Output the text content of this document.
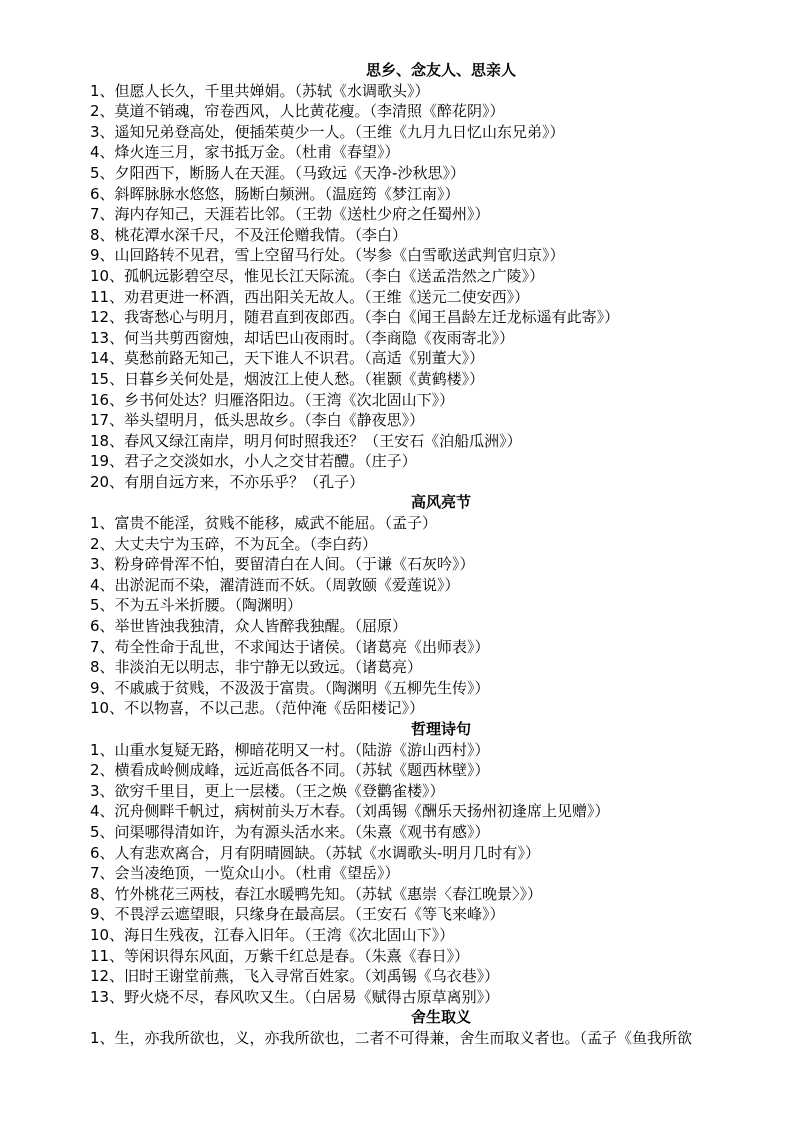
思乡、念友人、思亲人
1、但愿人长久，千里共婵娟。（苏轼《水调歌头》）
2、莫道不销魂，帘卷西风，人比黄花瘦。（李清照《醉花阴》）
3、遥知兄弟登高处，便插茱萸少一人。（王维《九月九日忆山东兄弟》）
4、烽火连三月，家书抵万金。（杜甫《春望》）
5、夕阳西下，断肠人在天涯。（马致远《天净-沙秋思》）
6、斜晖脉脉水悠悠，肠断白频洲。（温庭筠《梦江南》）
7、海内存知己，天涯若比邻。（王勃《送杜少府之任蜀州》）
8、桃花潭水深千尺，不及汪伦赠我情。（李白）
9、山回路转不见君，雪上空留马行处。（岑参《白雪歌送武判官归京》）
10、孤帆远影碧空尽，惟见长江天际流。（李白《送孟浩然之广陵》）
11、劝君更进一杯酒，西出阳关无故人。（王维《送元二使安西》）
12、我寄愁心与明月，随君直到夜郎西。（李白《闻王昌龄左迁龙标遥有此寄》）
13、何当共剪西窗烛，却话巴山夜雨时。（李商隐《夜雨寄北》）
14、莫愁前路无知己，天下谁人不识君。（高适《别董大》）
15、日暮乡关何处是，烟波江上使人愁。（崔颢《黄鹤楼》）
16、乡书何处达？归雁洛阳边。（王湾《次北固山下》）
17、举头望明月，低头思故乡。（李白《静夜思》）
18、春风又绿江南岸，明月何时照我还？（王安石《泊船瓜洲》）
19、君子之交淡如水，小人之交甘若醴。（庄子）
20、有朋自远方来，不亦乐乎？（孔子）
高风亮节
1、富贵不能淫，贫贱不能移，威武不能屈。（孟子）
2、大丈夫宁为玉碎，不为瓦全。（李白药）
3、粉身碎骨浑不怕，要留清白在人间。（于谦《石灰吟》）
4、出淤泥而不染，濯清涟而不妖。（周敦颐《爱莲说》）
5、不为五斗米折腰。（陶渊明）
6、举世皆浊我独清，众人皆醉我独醒。（屈原）
7、苟全性命于乱世，不求闻达于诸侯。（诸葛亮《出师表》）
8、非淡泊无以明志，非宁静无以致远。（诸葛亮）
9、不戚戚于贫贱，不汲汲于富贵。（陶渊明《五柳先生传》）
10、不以物喜，不以己悲。（范仲淹《岳阳楼记》）
哲理诗句
1、山重水复疑无路，柳暗花明又一村。（陆游《游山西村》）
2、横看成岭侧成峰，远近高低各不同。（苏轼《题西林壁》）
3、欲穷千里目，更上一层楼。（王之焕《登鹳雀楼》）
4、沉舟侧畔千帆过，病树前头万木春。（刘禹锡《酬乐天扬州初逢席上见赠》）
5、问渠哪得清如许，为有源头活水来。（朱熹《观书有感》）
6、人有悲欢离合，月有阴晴圆缺。（苏轼《水调歌头-明月几时有》）
7、会当凌绝顶，一览众山小。（杜甫《望岳》）
8、竹外桃花三两枝，春江水暖鸭先知。（苏轼《惠崇〈春江晚景〉》）
9、不畏浮云遮望眼，只缘身在最高层。（王安石《等飞来峰》）
10、海日生残夜，江春入旧年。（王湾《次北固山下》）
11、等闲识得东风面，万紫千红总是春。（朱熹《春日》）
12、旧时王谢堂前燕，飞入寻常百姓家。（刘禹锡《乌衣巷》）
13、野火烧不尽，春风吹又生。（白居易《赋得古原草离别》）
舍生取义
1、生，亦我所欲也，义，亦我所欲也，二者不可得兼，舍生而取义者也。（孟子《鱼我所欲
